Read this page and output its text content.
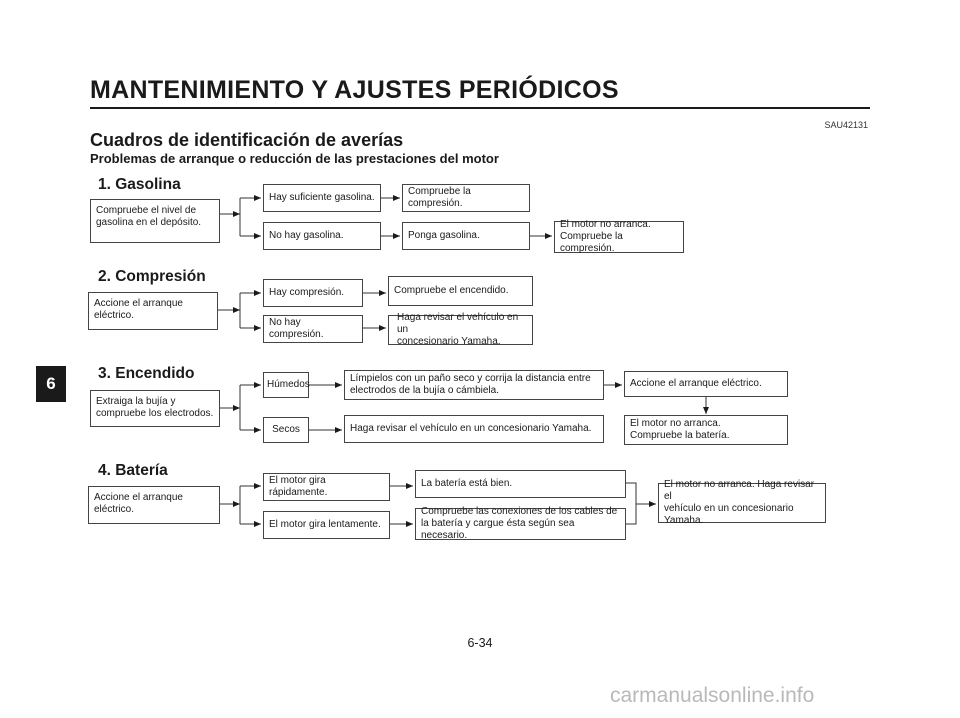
MANTENIMIENTO Y AJUSTES PERIÓDICOS
SAU42131
Cuadros de identificación de averías
Problemas de arranque o reducción de las prestaciones del motor
6
1. Gasolina
Compruebe el nivel de
gasolina en el depósito.
Hay suficiente gasolina.
Compruebe la compresión.
No hay gasolina.	Ponga gasolina.
El motor no arranca.
Compruebe la compresión.
2. Compresión
Accione el arranque
eléctrico.
Hay compresión.	Compruebe el encendido.
No hay compresión.
Haga revisar el vehículo en un
concesionario Yamaha.
3. Encendido
Extraiga la bujía y
compruebe los electrodos.
Húmedos
Límpielos con un paño seco y corrija la distancia entre
electrodos de la bujía o cámbiela.
Accione el arranque eléctrico.
Secos	Haga revisar el vehículo en un concesionario Yamaha.	El motor no arranca.
Compruebe la batería.
4. Batería
Accione el arranque
eléctrico.
El motor gira rápidamente.
La batería está bien.
El motor gira lentamente.
Compruebe las conexiones de los cables de
la batería y cargue ésta según sea necesario.
El motor no arranca. Haga revisar el
vehículo en un concesionario
Yamaha.
6-34
carmanualsonline.info
